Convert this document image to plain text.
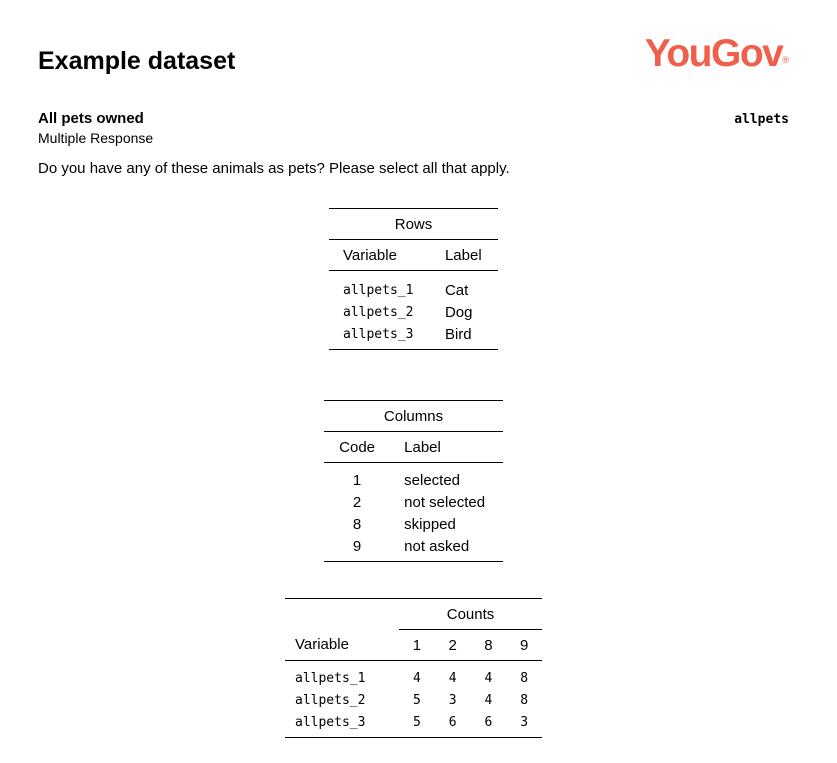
Example dataset	YouGov®
All pets owned	allpets
Multiple Response
Do you have any of these animals as pets? Please select all that apply.
Rows	
Variable	Label
allpets_1	Cat
allpets_2	Dog
allpets_3	Bird
Columns	
Code	Label
1	selected
2	not selected
8	skipped
9	not asked
	Counts			
Variable	1	2	8	9
allpets_1	4	4	4	8
allpets_2	5	3	4	8
allpets_3	5	6	6	3
